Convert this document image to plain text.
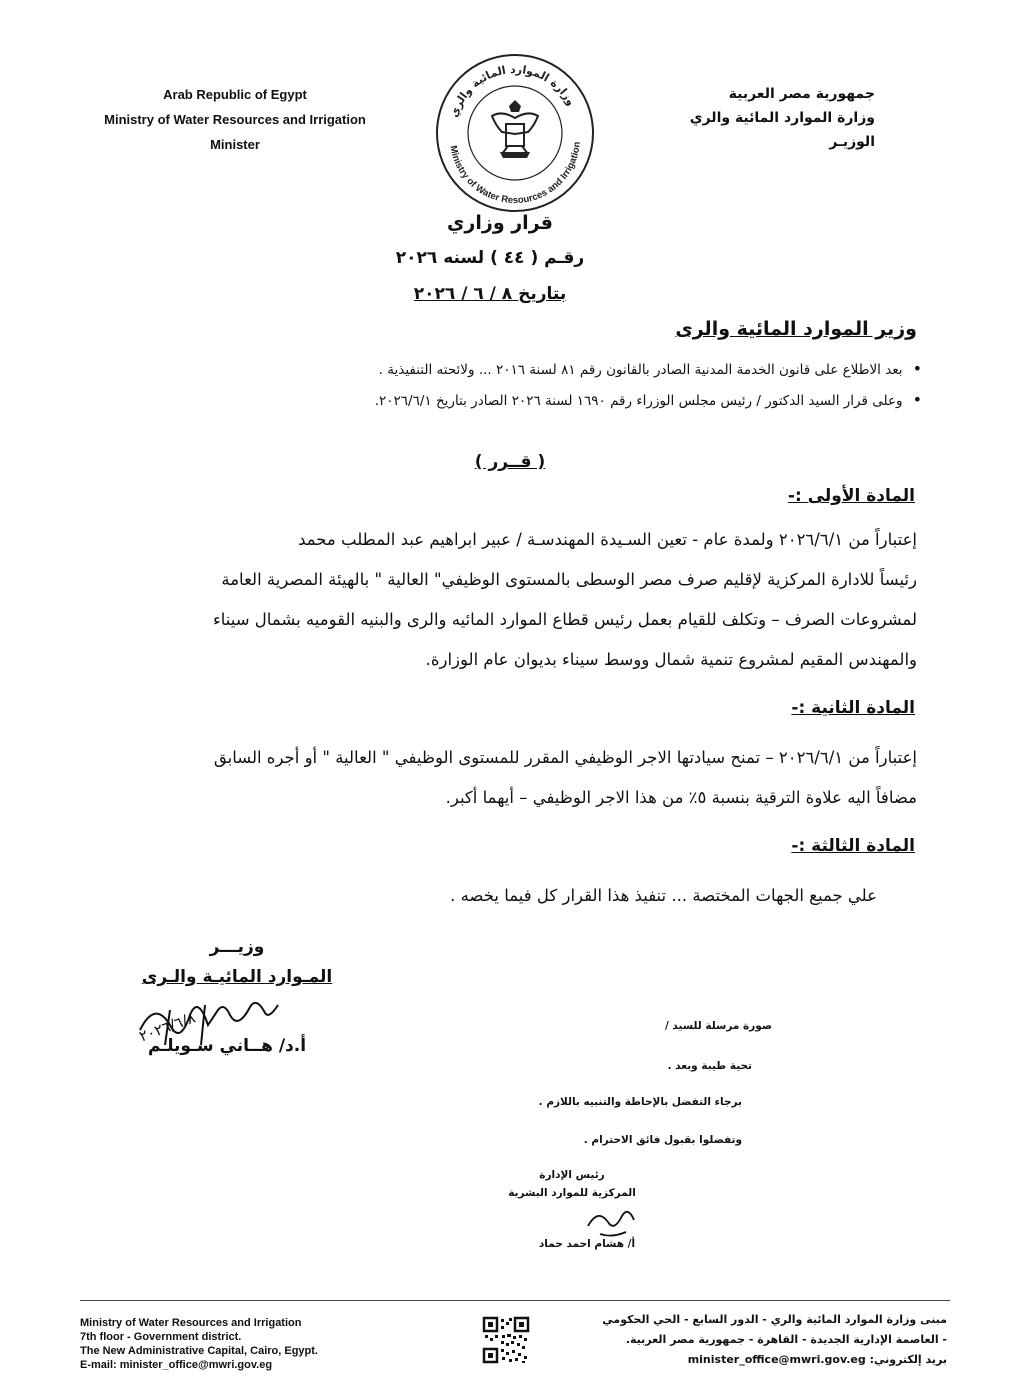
Arab Republic of Egypt
Ministry of Water Resources and Irrigation
Minister
وزارة الموارد المائية والري
Ministry of Water Resources and Irrigation
جمهورية مصر العربية
وزارة الموارد المائية والري
الوزيـر
قرار وزاري
رقـم ( ٤٤ ) لسنه ٢٠٢٦
بتاريخ ٨ / ٦ / ٢٠٢٦
وزير الموارد المائية والرى
• بعد الاطلاع على قانون الخدمة المدنية الصادر بالقانون رقم ٨١ لسنة ٢٠١٦ ... ولائحته التنفيذية .
• وعلى قرار السيد الدكتور / رئيس مجلس الوزراء رقم ١٦٩٠ لسنة ٢٠٢٦ الصادر بتاريخ ٢٠٢٦/٦/١.
( قــرر )
المادة الأولى :-
إعتباراً من ٢٠٢٦/٦/١ ولمدة عام - تعين السـيدة المهندسـة / عبير ابراهيم عبد المطلب محمد
رئيساً للادارة المركزية لإقليم صرف مصر الوسطى بالمستوى الوظيفي" العالية " بالهيئة المصرية العامة
لمشروعات الصرف – وتكلف للقيام بعمل رئيس قطاع الموارد المائيه والرى والبنيه القوميه بشمال سيناء
والمهندس المقيم لمشروع تنمية شمال ووسط سيناء بديوان عام الوزارة.
المادة الثانية :-
إعتباراً من ٢٠٢٦/٦/١ – تمنح سيادتها الاجر الوظيفي المقرر للمستوى الوظيفي " العالية " أو أجره السابق
مضافاً اليه علاوة الترقية بنسبة ٥٪ من هذا الاجر الوظيفي – أيهما أكبر.
المادة الثالثة :-
علي جميع الجهات المختصة ... تنفيذ هذا القرار كل فيما يخصه .
وزيـــر
المـوارد المائيـة والـرى
٢٠٢٦/٦/٨
أ.د/ هــاني سـويلـم
صورة مرسلة للسيد /
تحية طيبة وبعد .
برجاء التفضل بالإحاطة والتنبيه باللازم .
وتفضلوا بقبول فائق الاحترام .
رئيس الإدارة
المركزية للموارد البشرية
أ/ هشام احمد حماد
Ministry of Water Resources and Irrigation
7th floor - Government district.
The New Administrative Capital, Cairo, Egypt.
E-mail: minister_office@mwri.gov.eg
مبنى وزارة الموارد المائية والري - الدور السابع - الحي الحكومي
- العاصمة الإدارية الجديدة - القاهرة - جمهورية مصر العربية.
بريد إلكتروني: minister_office@mwri.gov.eg
